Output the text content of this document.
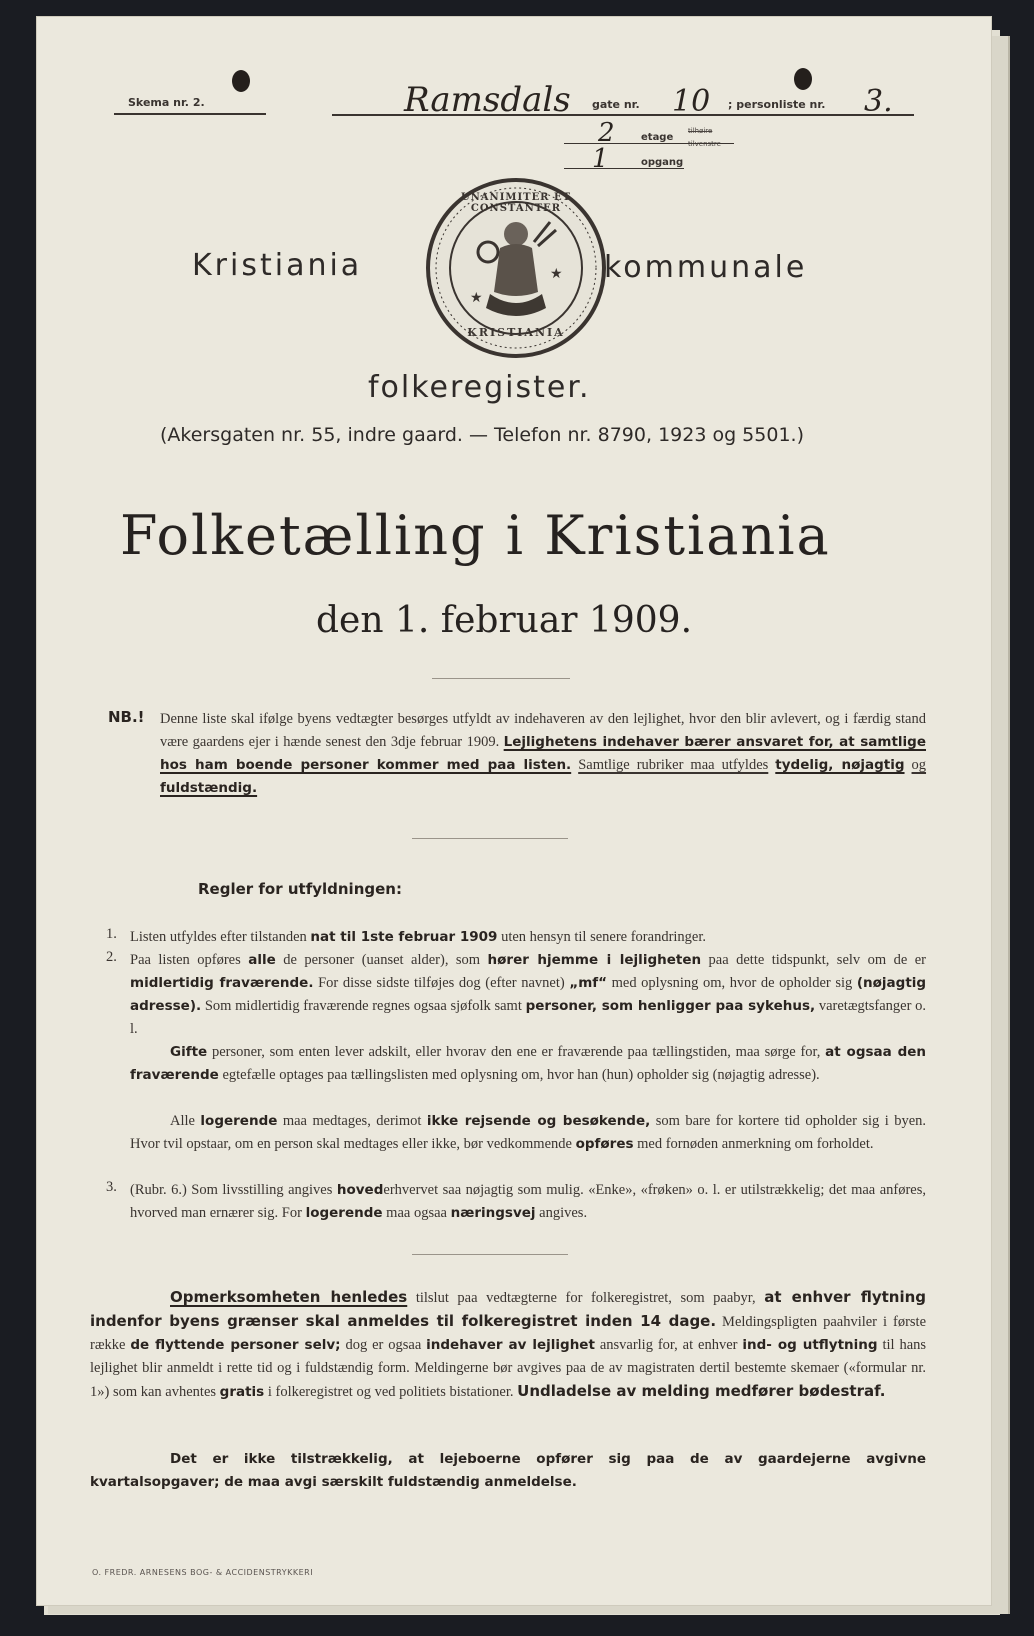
Skema nr. 2.	Ramsdals gate nr. 10 ; personliste nr. 3.
2	etage
tilhøire
tilvenstre
1	opgang
Kristiania
★
★
UNANIMITER ET CONSTANTER
KRISTIANIA
kommunale
folkeregister.
(Akersgaten nr. 55, indre gaard. — Telefon nr. 8790, 1923 og 5501.)
Folketælling i Kristiania
den 1. februar 1909.
NB.! Denne liste skal ifølge byens vedtægter besørges utfyldt av indehaveren av den lejlighet, hvor den blir avlevert, og i færdig stand være gaardens ejer i hænde senest den 3dje februar 1909. Lejlighetens indehaver bærer ansvaret for, at samtlige hos ham boende personer kommer med paa listen. Samtlige rubriker maa utfyldes tydelig, nøjagtig og fuldstændig.
Regler for utfyldningen:
1. Listen utfyldes efter tilstanden nat til 1ste februar 1909 uten hensyn til senere forandringer.
2. Paa listen opføres alle de personer (uanset alder), som hører hjemme i lejligheten paa dette tidspunkt, selv om de er midlertidig fraværende. For disse sidste tilføjes dog (efter navnet) „mf“ med oplysning om, hvor de opholder sig (nøjagtig adresse). Som midlertidig fraværende regnes ogsaa sjøfolk samt personer, som henligger paa sykehus, varetægtsfanger o. l.
Gifte personer, som enten lever adskilt, eller hvorav den ene er fraværende paa tællingstiden, maa sørge for, at ogsaa den fraværende egtefælle optages paa tællingslisten med oplysning om, hvor han (hun) opholder sig (nøjagtig adresse).
Alle logerende maa medtages, derimot ikke rejsende og besøkende, som bare for kortere tid opholder sig i byen. Hvor tvil opstaar, om en person skal medtages eller ikke, bør vedkommende opføres med fornøden anmerkning om forholdet.
3. (Rubr. 6.) Som livsstilling angives hovederhvervet saa nøjagtig som mulig. «Enke», «frøken» o. l. er utilstrækkelig; det maa anføres, hvorved man ernærer sig. For logerende maa ogsaa næringsvej angives.
Opmerksomheten henledes tilslut paa vedtægterne for folkeregistret, som paabyr, at enhver flytning indenfor byens grænser skal anmeldes til folkeregistret inden 14 dage. Meldingspligten paahviler i første række de flyttende personer selv; dog er ogsaa indehaver av lejlighet ansvarlig for, at enhver ind- og utflytning til hans lejlighet blir anmeldt i rette tid og i fuldstændig form. Meldingerne bør avgives paa de av magistraten dertil bestemte skemaer («formular nr. 1») som kan avhentes gratis i folkeregistret og ved politiets bistationer. Undladelse av melding medfører bødestraf.
Det er ikke tilstrækkelig, at lejeboerne opfører sig paa de av gaardejerne avgivne kvartalsopgaver; de maa avgi særskilt fuldstændig anmeldelse.
O. FREDR. ARNESENS BOG- & ACCIDENSTRYKKERI
